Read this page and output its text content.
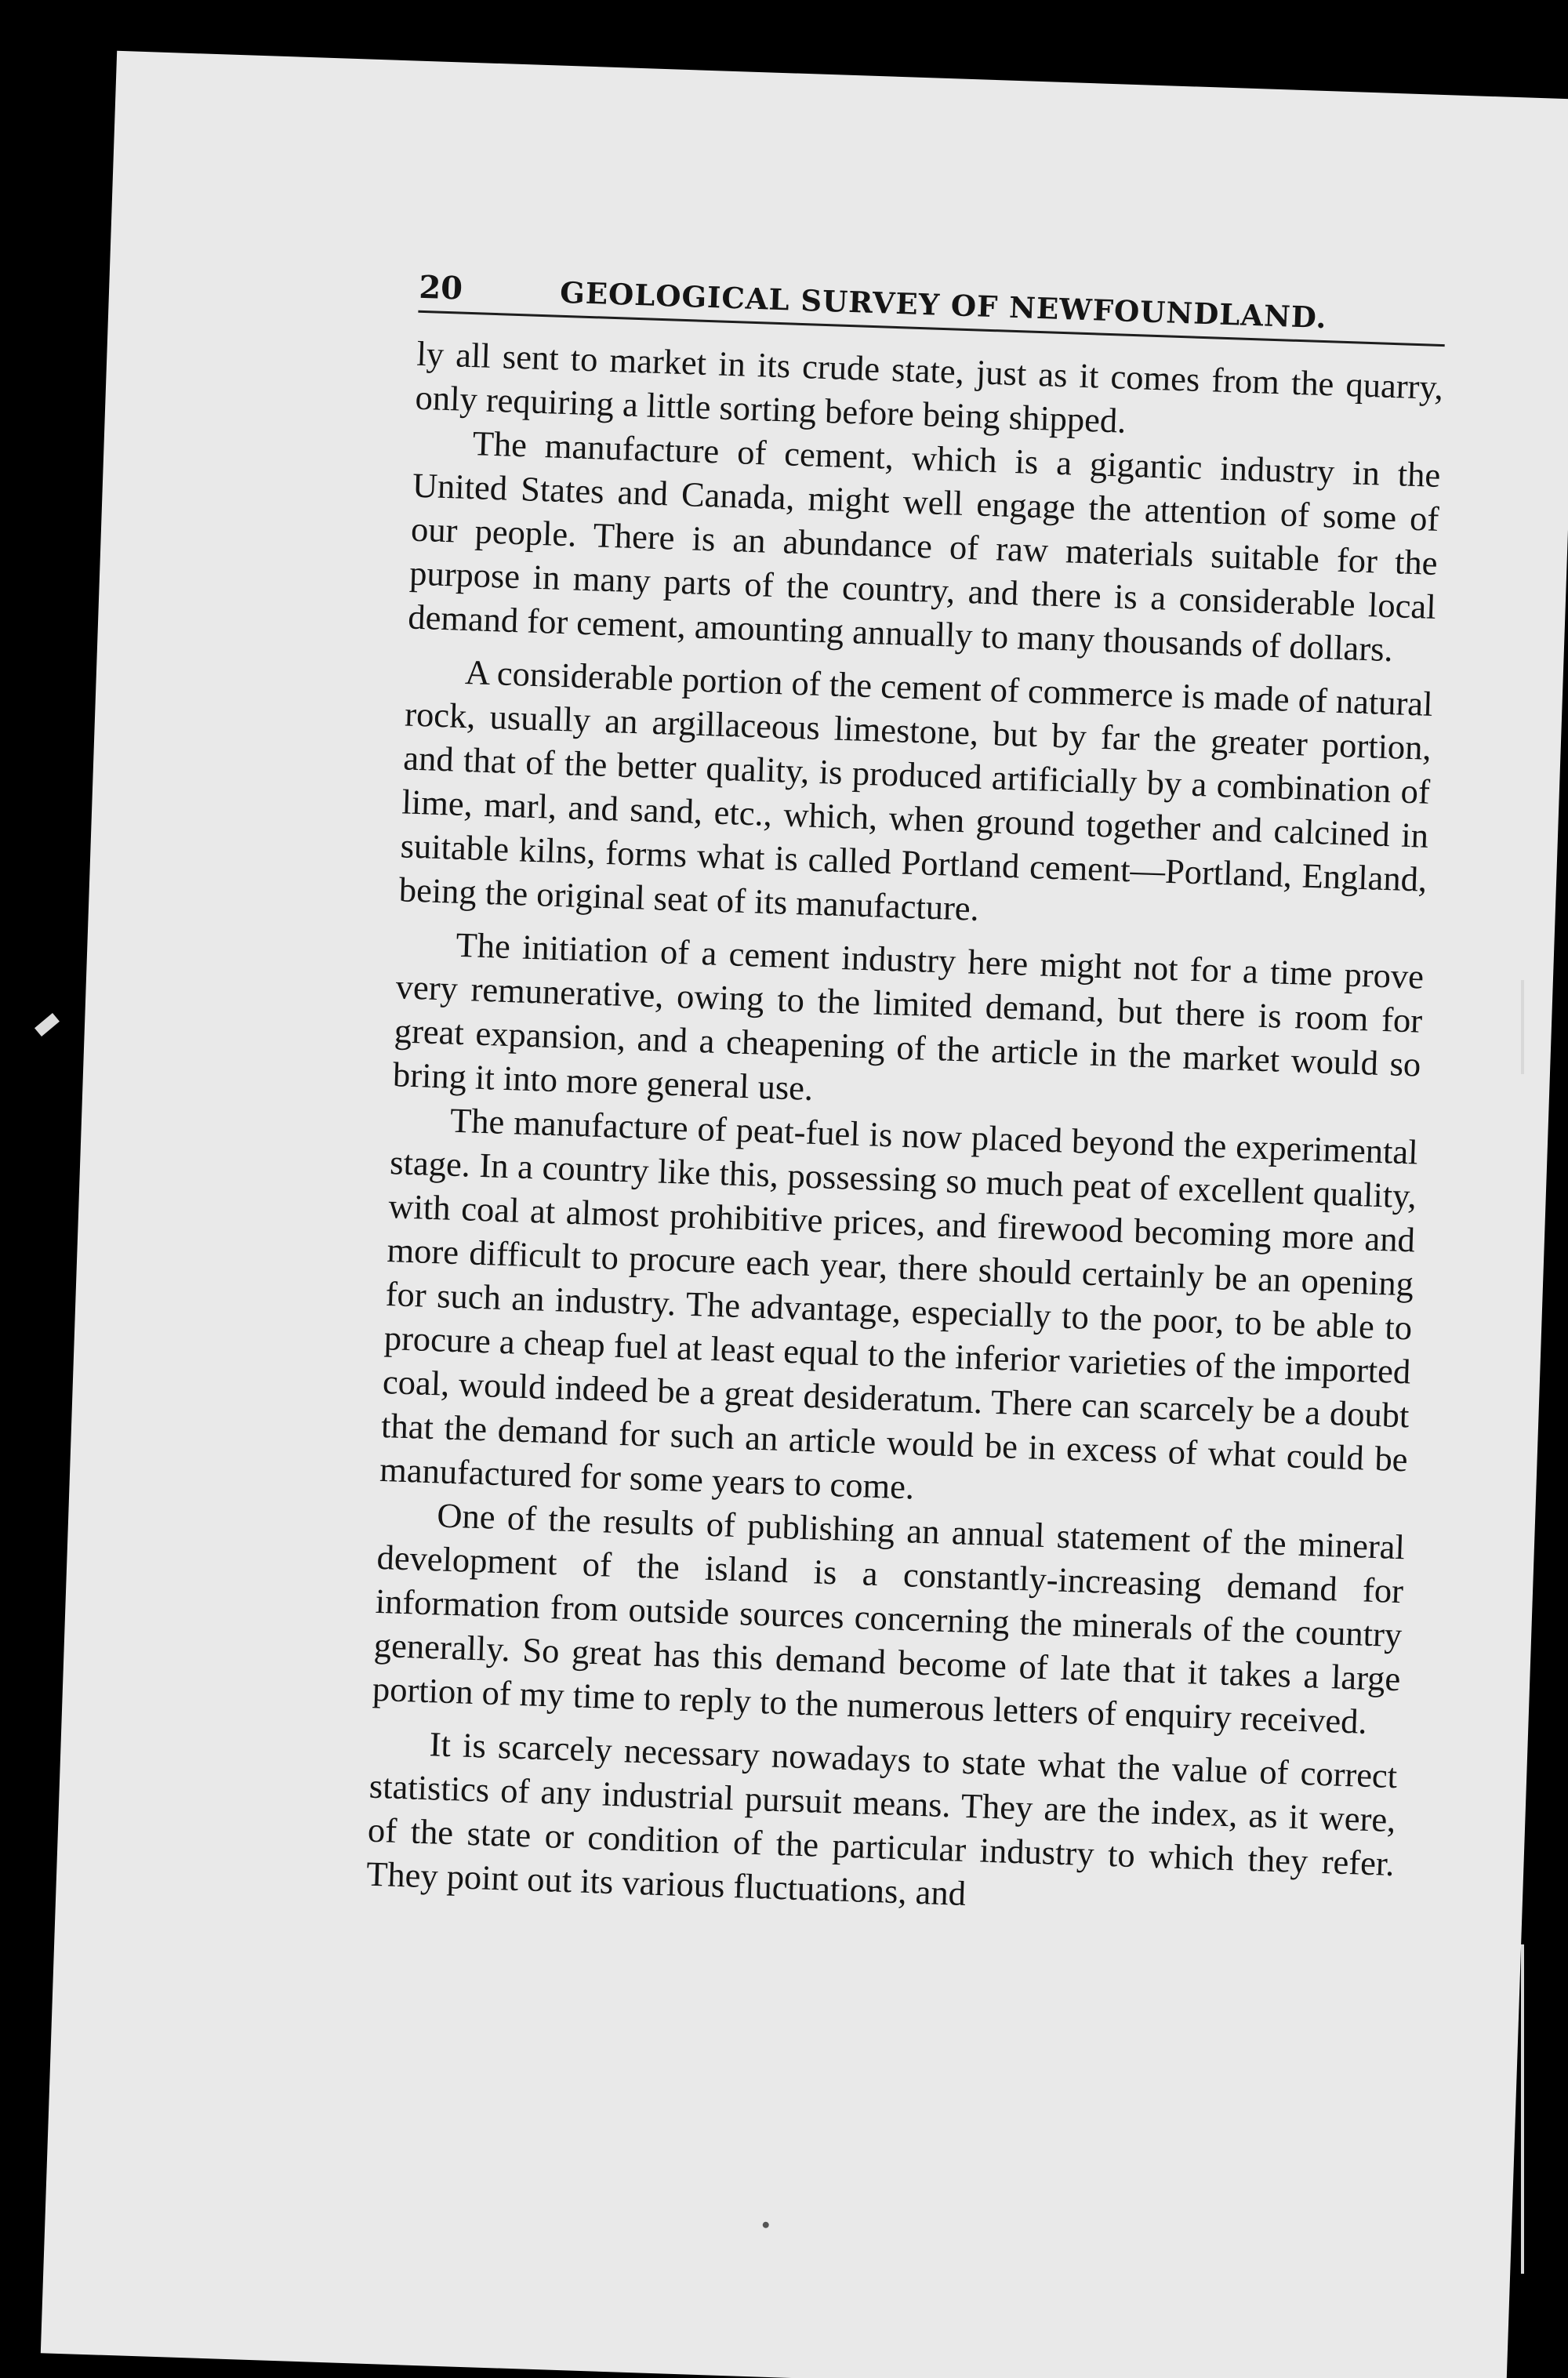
20	GEOLOGICAL SURVEY OF NEWFOUNDLAND.

ly all sent to market in its crude state, just as it comes from the quarry, only requiring a little sorting before being shipped.

The manufacture of cement, which is a gigantic industry in the United States and Canada, might well engage the attention of some of our people. There is an abundance of raw materials suitable for the purpose in many parts of the country, and there is a considerable local demand for cement, amounting annually to many thousands of dollars.

A considerable portion of the cement of commerce is made of natural rock, usually an argillaceous limestone, but by far the greater portion, and that of the better quality, is produced artificially by a combination of lime, marl, and sand, etc., which, when ground together and calcined in suitable kilns, forms what is called Portland cement—Portland, England, being the original seat of its manufacture.

The initiation of a cement industry here might not for a time prove very remunerative, owing to the limited demand, but there is room for great expansion, and a cheapening of the article in the market would so bring it into more general use.

The manufacture of peat-fuel is now placed beyond the experimental stage. In a country like this, possessing so much peat of excellent quality, with coal at almost prohibitive prices, and firewood becoming more and more difficult to procure each year, there should certainly be an opening for such an industry. The advantage, especially to the poor, to be able to procure a cheap fuel at least equal to the inferior varieties of the imported coal, would indeed be a great desideratum. There can scarcely be a doubt that the demand for such an article would be in excess of what could be manufactured for some years to come.

One of the results of publishing an annual statement of the mineral development of the island is a constantly-increasing demand for information from outside sources concerning the minerals of the country generally. So great has this demand become of late that it takes a large portion of my time to reply to the numerous letters of enquiry received.

It is scarcely necessary nowadays to state what the value of correct statistics of any industrial pursuit means. They are the index, as it were, of the state or condition of the particular industry to which they refer. They point out its various fluctuations, and
